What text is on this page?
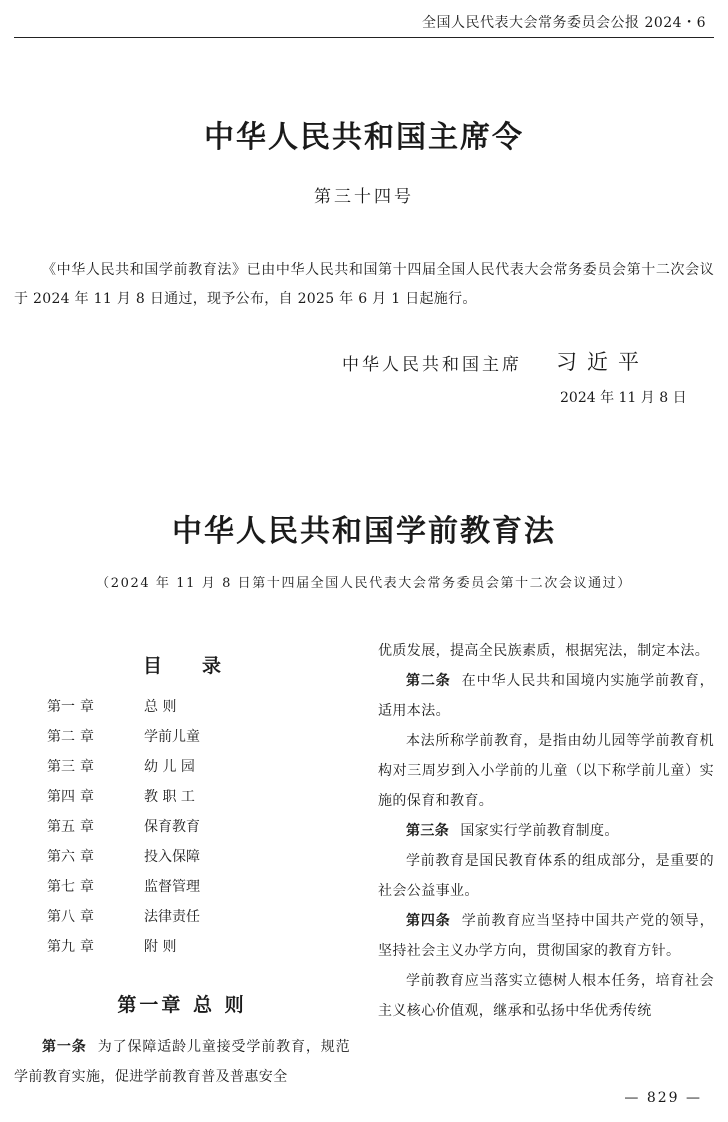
全国人民代表大会常务委员会公报 2024・6
中华人民共和国主席令
第三十四号
《中华人民共和国学前教育法》已由中华人民共和国第十四届全国人民代表大会常务委员会第十二次会议于 2024 年 11 月 8 日通过，现予公布，自 2025 年 6 月 1 日起施行。
中华人民共和国主席 习近平
2024 年 11 月 8 日
中华人民共和国学前教育法
（2024 年 11 月 8 日第十四届全国人民代表大会常务委员会第十二次会议通过）
目录
第一 章	总 则
第二 章	学前儿童
第三 章	幼 儿 园
第四 章	教 职 工
第五 章	保育教育
第六 章	投入保障
第七 章	监督管理
第八 章	法律责任
第九 章	附 则
第一章 总 则
第一条 为了保障适龄儿童接受学前教育，规范学前教育实施，促进学前教育普及普惠安全
优质发展，提高全民族素质，根据宪法，制定本法。
第二条 在中华人民共和国境内实施学前教育，适用本法。
本法所称学前教育，是指由幼儿园等学前教育机构对三周岁到入小学前的儿童（以下称学前儿童）实施的保育和教育。
第三条 国家实行学前教育制度。
学前教育是国民教育体系的组成部分，是重要的社会公益事业。
第四条 学前教育应当坚持中国共产党的领导，坚持社会主义办学方向，贯彻国家的教育方针。
学前教育应当落实立德树人根本任务，培育社会主义核心价值观，继承和弘扬中华优秀传统
— 829 —
